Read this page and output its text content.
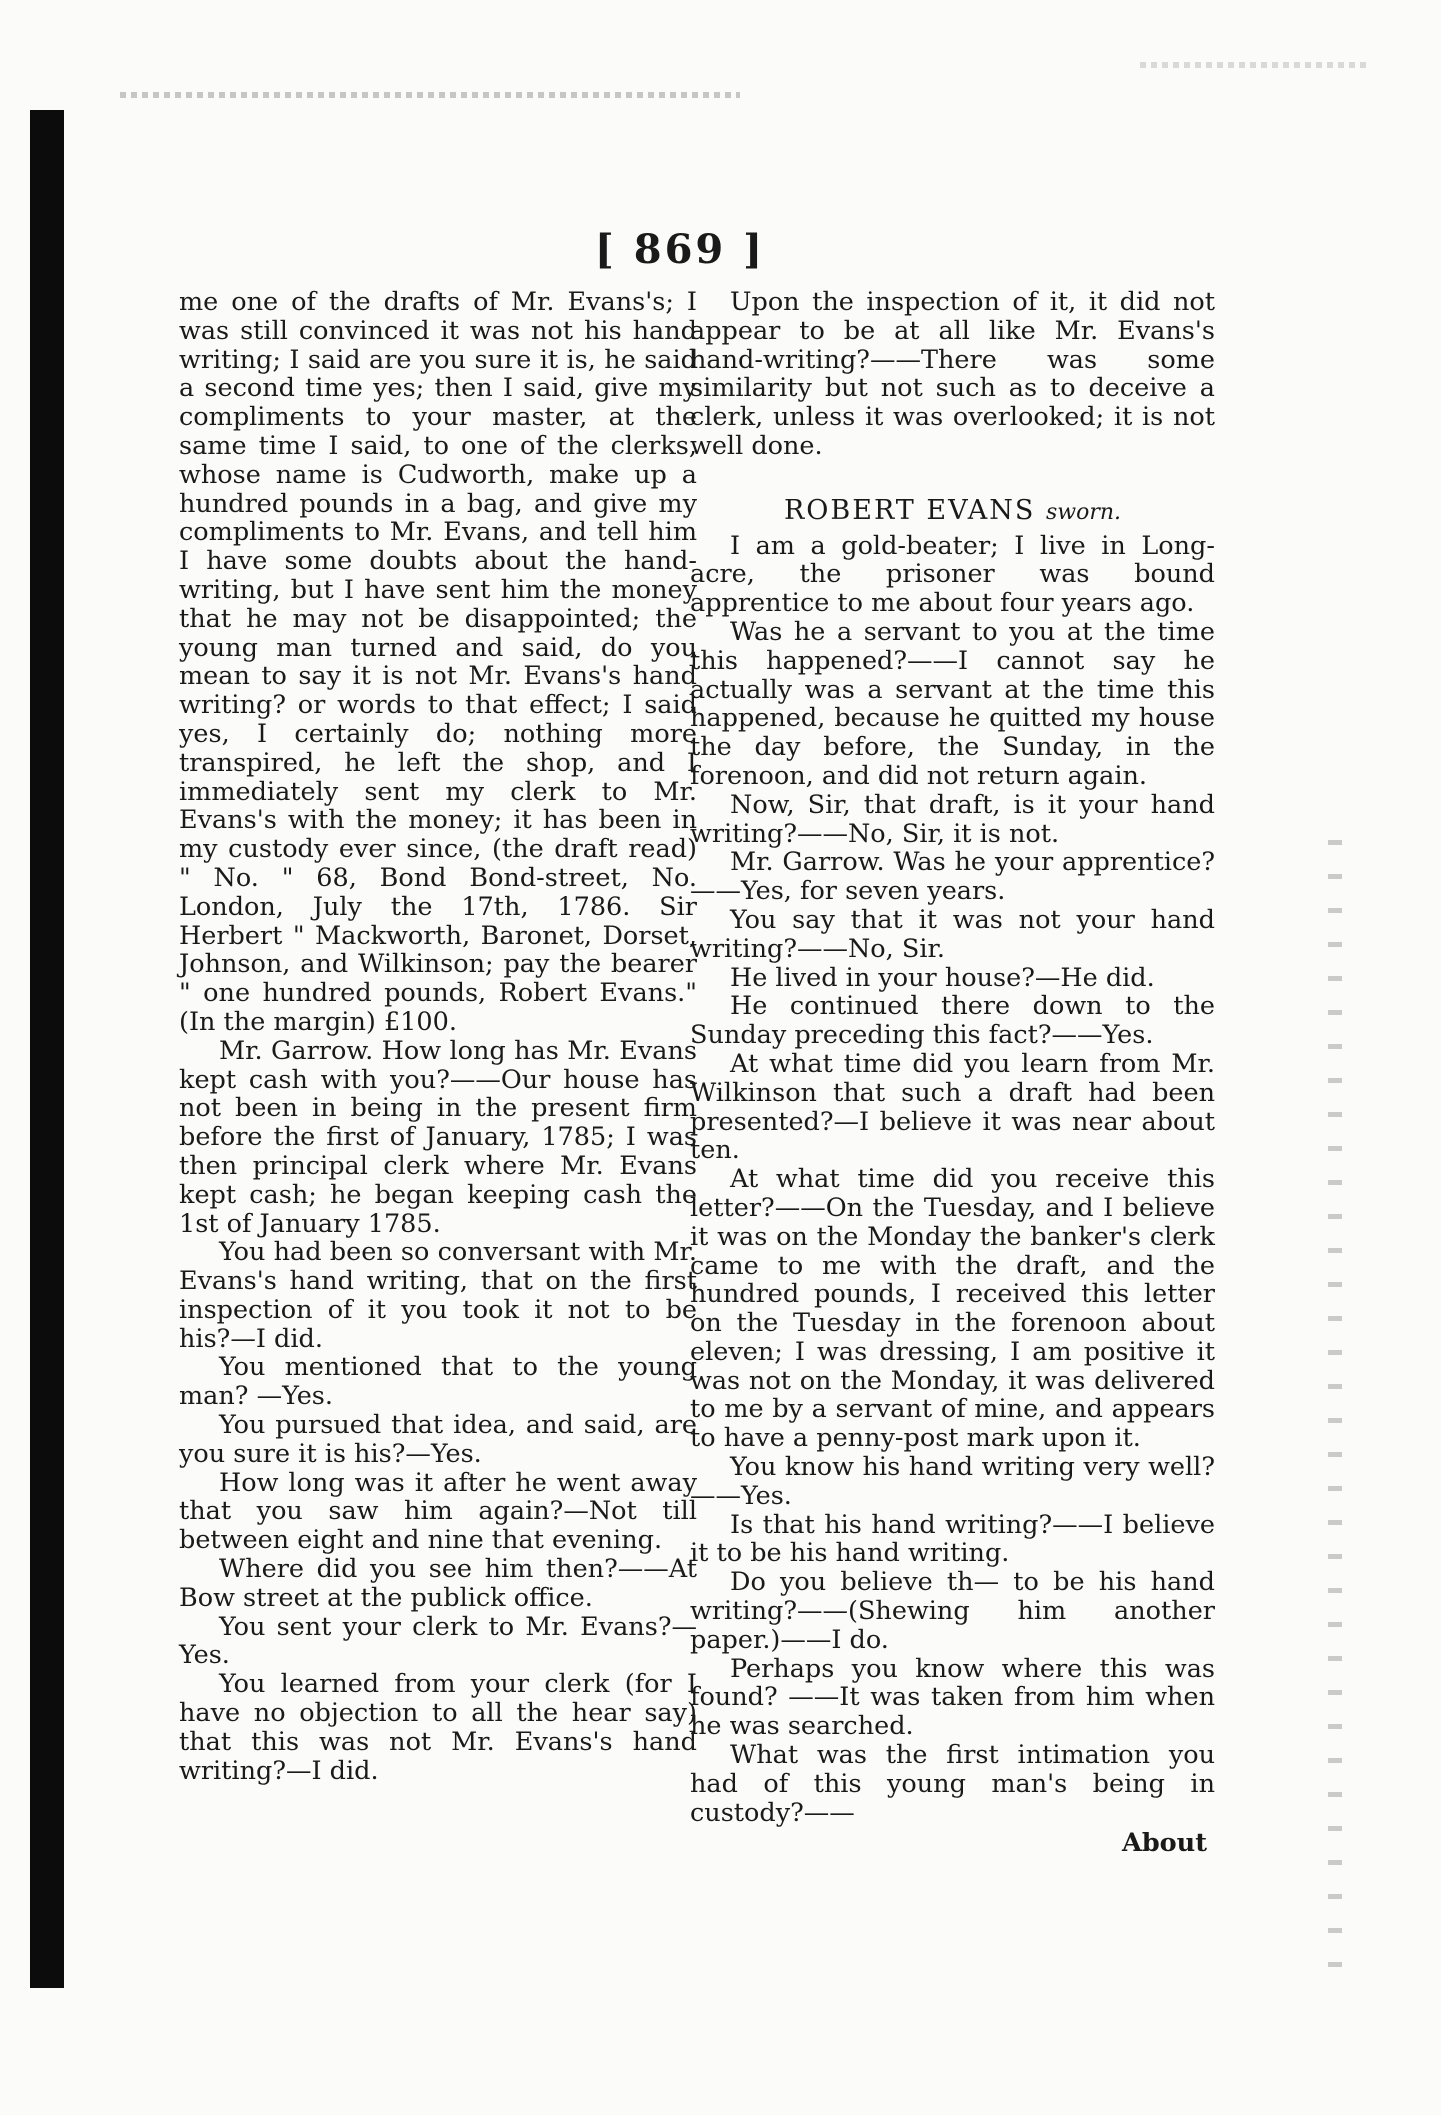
[ 869 ]

me one of the drafts of Mr. Evans's; I was still convinced it was not his hand writing; I said are you sure it is, he said a second time yes; then I said, give my compliments to your master, at the same time I said, to one of the clerks, whose name is Cudworth, make up a hundred pounds in a bag, and give my compliments to Mr. Evans, and tell him I have some doubts about the hand-writing, but I have sent him the money that he may not be disappointed; the young man turned and said, do you mean to say it is not Mr. Evans's hand writing? or words to that effect; I said yes, I certainly do; nothing more transpired, he left the shop, and I immediately sent my clerk to Mr. Evans's with the money; it has been in my custody ever since, (the draft read) " No. " 68, Bond Bond-street, No. London, July the 17th, 1786. Sir Herbert " Mackworth, Baronet, Dorset, Johnson, and Wilkinson; pay the bearer " one hundred pounds, Robert Evans." (In the margin) £100.

Mr. Garrow. How long has Mr. Evans kept cash with you?——Our house has not been in being in the present firm before the first of January, 1785; I was then principal clerk where Mr. Evans kept cash; he began keeping cash the 1st of January 1785.

You had been so conversant with Mr. Evans's hand writing, that on the first inspection of it you took it not to be his?—I did.

You mentioned that to the young man? —Yes.

You pursued that idea, and said, are you sure it is his?—Yes.

How long was it after he went away that you saw him again?—Not till between eight and nine that evening.

Where did you see him then?——At Bow street at the publick office.

You sent your clerk to Mr. Evans?—Yes.

You learned from your clerk (for I have no objection to all the hear say) that this was not Mr. Evans's hand writing?—I did.

Upon the inspection of it, it did not appear to be at all like Mr. Evans's hand-writing?——There was some similarity but not such as to deceive a clerk, unless it was overlooked; it is not well done.

ROBERT EVANS sworn.

I am a gold-beater; I live in Long-acre, the prisoner was bound apprentice to me about four years ago.

Was he a servant to you at the time this happened?——I cannot say he actually was a servant at the time this happened, because he quitted my house the day before, the Sunday, in the forenoon, and did not return again.

Now, Sir, that draft, is it your hand writing?——No, Sir, it is not.

Mr. Garrow. Was he your apprentice? ——Yes, for seven years.

You say that it was not your hand writing?——No, Sir.

He lived in your house?—He did.

He continued there down to the Sunday preceding this fact?——Yes.

At what time did you learn from Mr. Wilkinson that such a draft had been presented?—I believe it was near about ten.

At what time did you receive this letter?——On the Tuesday, and I believe it was on the Monday the banker's clerk came to me with the draft, and the hundred pounds, I received this letter on the Tuesday in the forenoon about eleven; I was dressing, I am positive it was not on the Monday, it was delivered to me by a servant of mine, and appears to have a penny-post mark upon it.

You know his hand writing very well? ——Yes.

Is that his hand writing?——I believe it to be his hand writing.

Do you believe th— to be his hand writing?——(Shewing him another paper.)——I do.

Perhaps you know where this was found? ——It was taken from him when he was searched.

What was the first intimation you had of this young man's being in custody?——

About
